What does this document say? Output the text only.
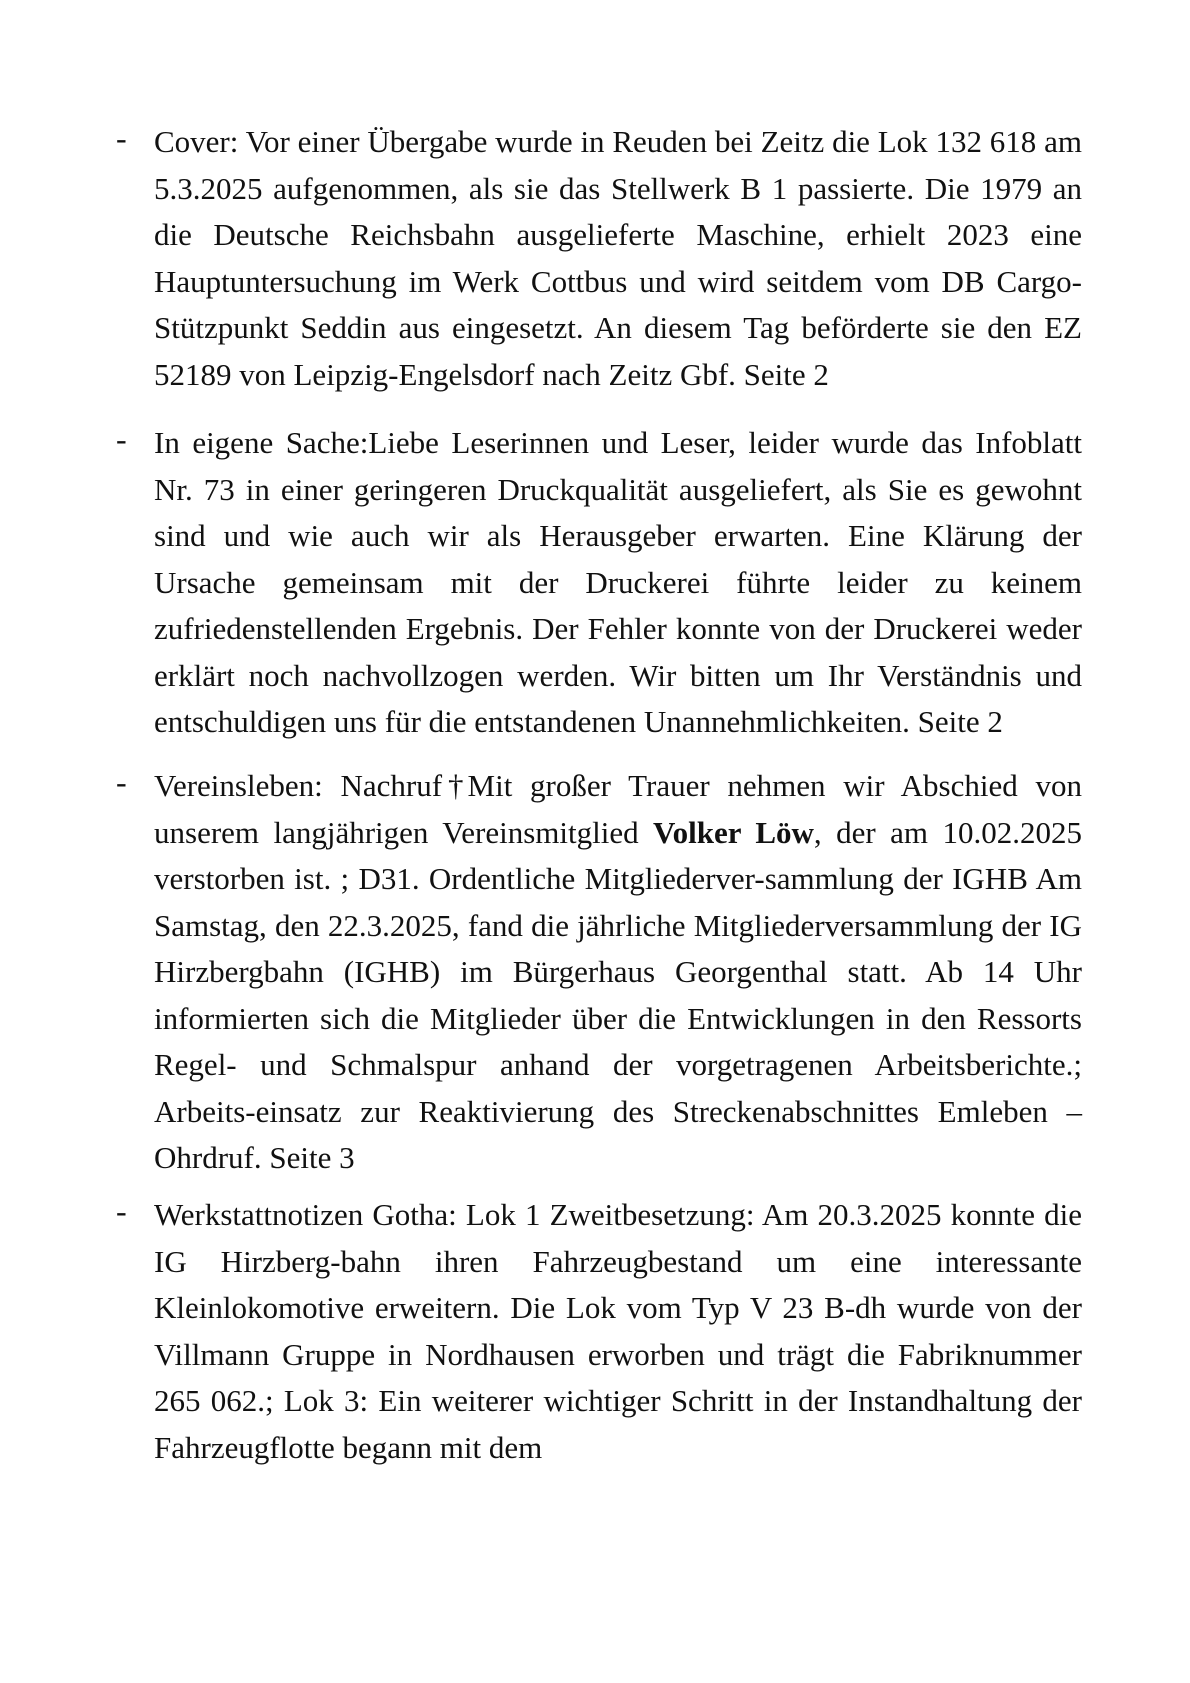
- Cover: Vor einer Übergabe wurde in Reuden bei Zeitz die Lok 132 618 am 5.3.2025 aufgenommen, als sie das Stellwerk B 1 passierte. Die 1979 an die Deutsche Reichsbahn ausgelieferte Maschine, erhielt 2023 eine Hauptuntersuchung im Werk Cottbus und wird seitdem vom DB Cargo-Stützpunkt Seddin aus eingesetzt. An diesem Tag beförderte sie den EZ 52189 von Leipzig-Engelsdorf nach Zeitz Gbf. Seite 2

- In eigene Sache:Liebe Leserinnen und Leser, leider wurde das Infoblatt Nr. 73 in einer geringeren Druckqualität ausgeliefert, als Sie es gewohnt sind und wie auch wir als Herausgeber erwarten. Eine Klärung der Ursache gemeinsam mit der Druckerei führte leider zu keinem zufriedenstellenden Ergebnis. Der Fehler konnte von der Druckerei weder erklärt noch nachvollzogen werden. Wir bitten um Ihr Verständnis und entschuldigen uns für die entstandenen Unannehmlichkeiten. Seite 2

- Vereinsleben: Nachruf † Mit großer Trauer nehmen wir Abschied von unserem langjährigen Vereinsmitglied Volker Löw, der am 10.02.2025 verstorben ist. ; D31. Ordentliche Mitgliederver-sammlung der IGHB Am Samstag, den 22.3.2025, fand die jährliche Mitgliederversammlung der IG Hirzbergbahn (IGHB) im Bürgerhaus Georgenthal statt. Ab 14 Uhr informierten sich die Mitglieder über die Entwicklungen in den Ressorts Regel- und Schmalspur anhand der vorgetragenen Arbeitsberichte.; Arbeits-einsatz zur Reaktivierung des Streckenabschnittes Emleben – Ohrdruf. Seite 3

- Werkstattnotizen Gotha: Lok 1 Zweitbesetzung: Am 20.3.2025 konnte die IG Hirzberg-bahn ihren Fahrzeugbestand um eine interessante Kleinlokomotive erweitern. Die Lok vom Typ V 23 B-dh wurde von der Villmann Gruppe in Nordhausen erworben und trägt die Fabriknummer 265 062.; Lok 3: Ein weiterer wichtiger Schritt in der Instandhaltung der Fahrzeugflotte begann mit dem
